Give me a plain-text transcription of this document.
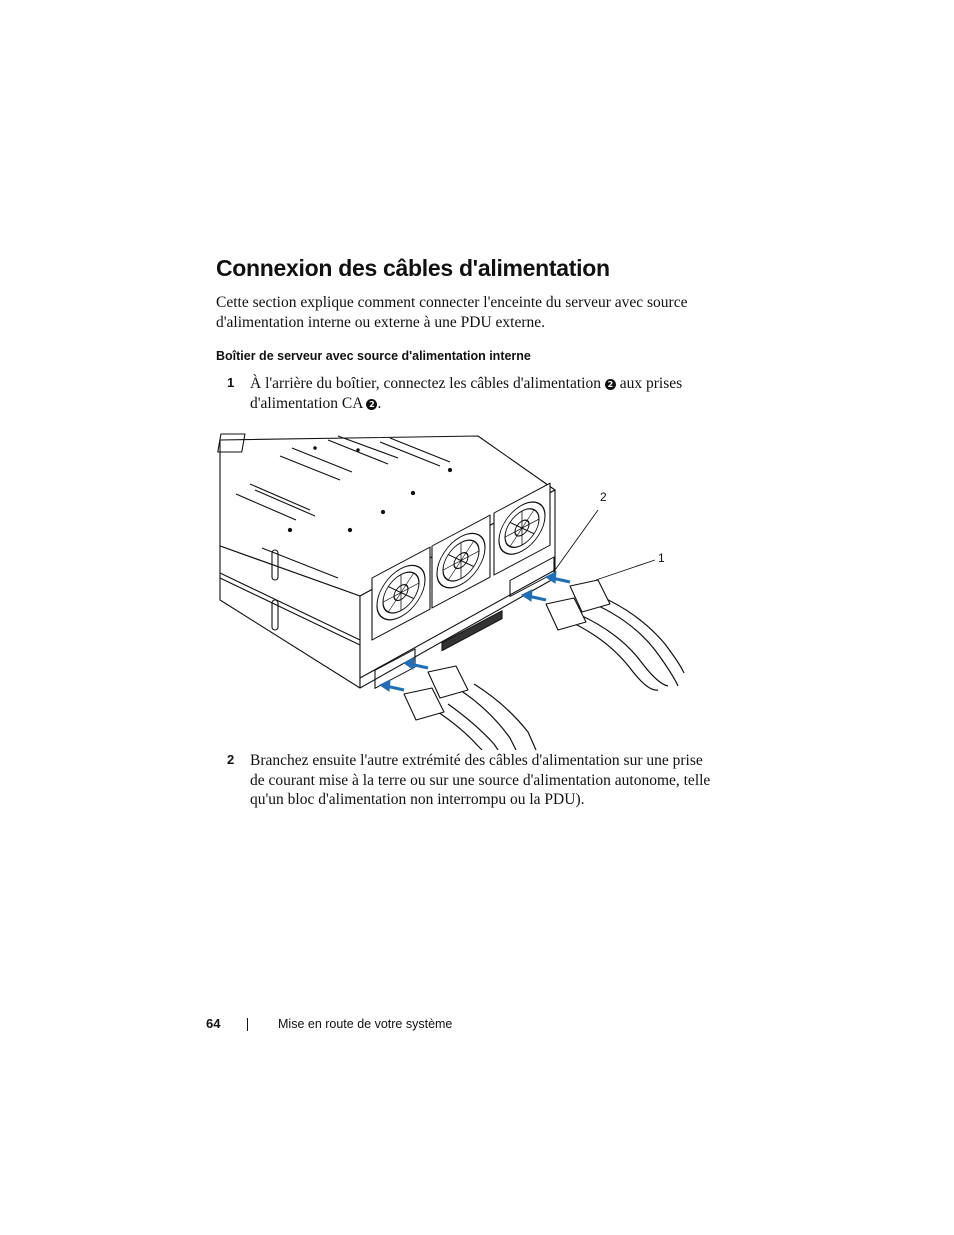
Connexion des câbles d'alimentation

Cette section explique comment connecter l'enceinte du serveur avec source d'alimentation interne ou externe à une PDU externe.

Boîtier de serveur avec source d'alimentation interne
1 À l'arrière du boîtier, connectez les câbles d'alimentation 2 aux prises d'alimentation CA 2 .
2
1
2 Branchez ensuite l'autre extrémité des câbles d'alimentation sur une prise de courant mise à la terre ou sur une source d'alimentation autonome, telle qu'un bloc d'alimentation non interrompu ou la PDU).
64	Mise en route de votre système
